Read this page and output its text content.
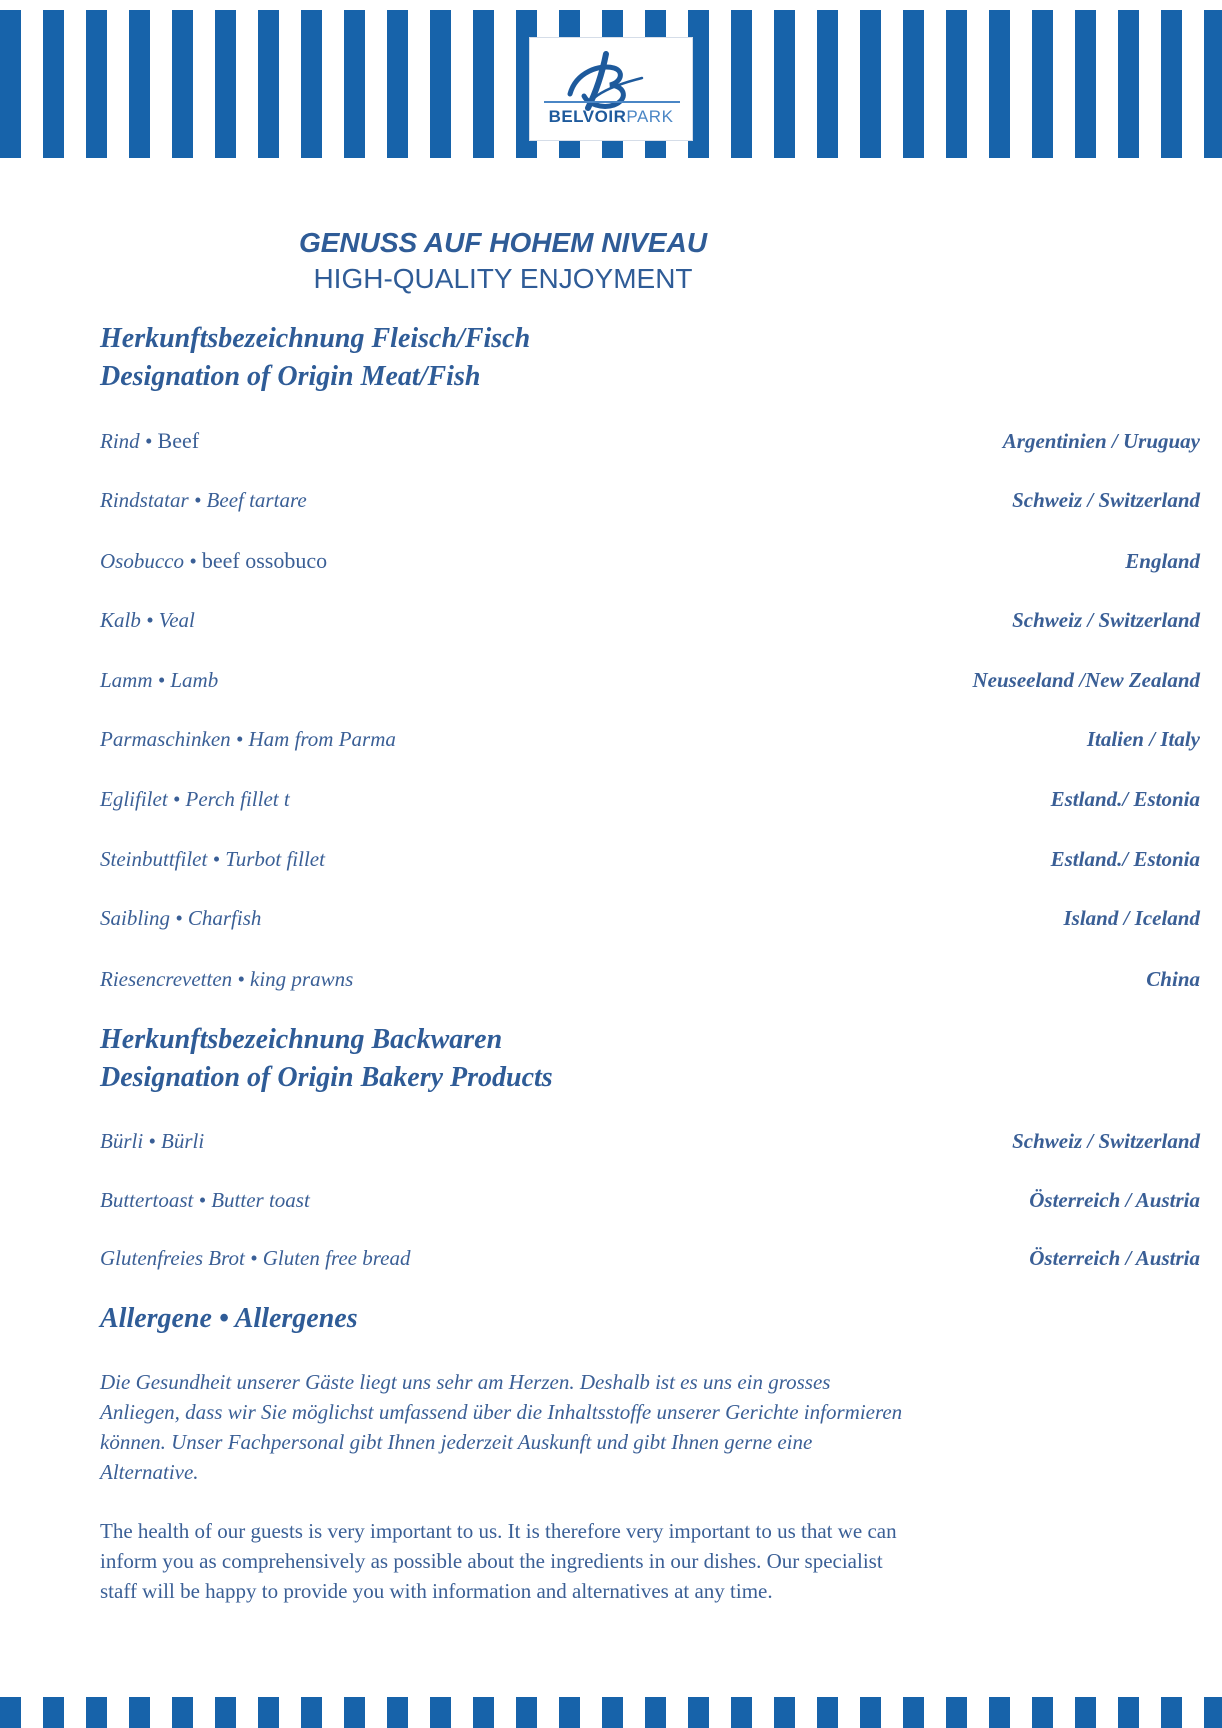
BELVOIRPARK
GENUSS AUF HOHEM NIVEAU
HIGH-QUALITY ENJOYMENT
Herkunftsbezeichnung Fleisch/Fisch
Designation of Origin Meat/Fish
Rind • Beef	Argentinien / Uruguay
Rindstatar • Beef tartare	Schweiz / Switzerland
Osobucco • beef ossobuco	England
Kalb • Veal	Schweiz / Switzerland
Lamm • Lamb	Neuseeland /New Zealand
Parmaschinken • Ham from Parma	Italien / Italy
Eglifilet • Perch fillet t	Estland./ Estonia
Steinbuttfilet • Turbot fillet	Estland./ Estonia
Saibling • Charfish	Island / Iceland
Riesencrevetten • king prawns	China
Herkunftsbezeichnung Backwaren
Designation of Origin Bakery Products
Bürli • Bürli	Schweiz / Switzerland
Buttertoast • Butter toast	Österreich / Austria
Glutenfreies Brot • Gluten free bread	Österreich / Austria
Allergene • Allergenes
Die Gesundheit unserer Gäste liegt uns sehr am Herzen. Deshalb ist es uns ein grosses Anliegen, dass wir Sie möglichst umfassend über die Inhaltsstoffe unserer Gerichte informieren können. Unser Fachpersonal gibt Ihnen jederzeit Auskunft und gibt Ihnen gerne eine Alternative.
The health of our guests is very important to us. It is therefore very important to us that we can inform you as comprehensively as possible about the ingredients in our dishes. Our specialist staff will be happy to provide you with information and alternatives at any time.
